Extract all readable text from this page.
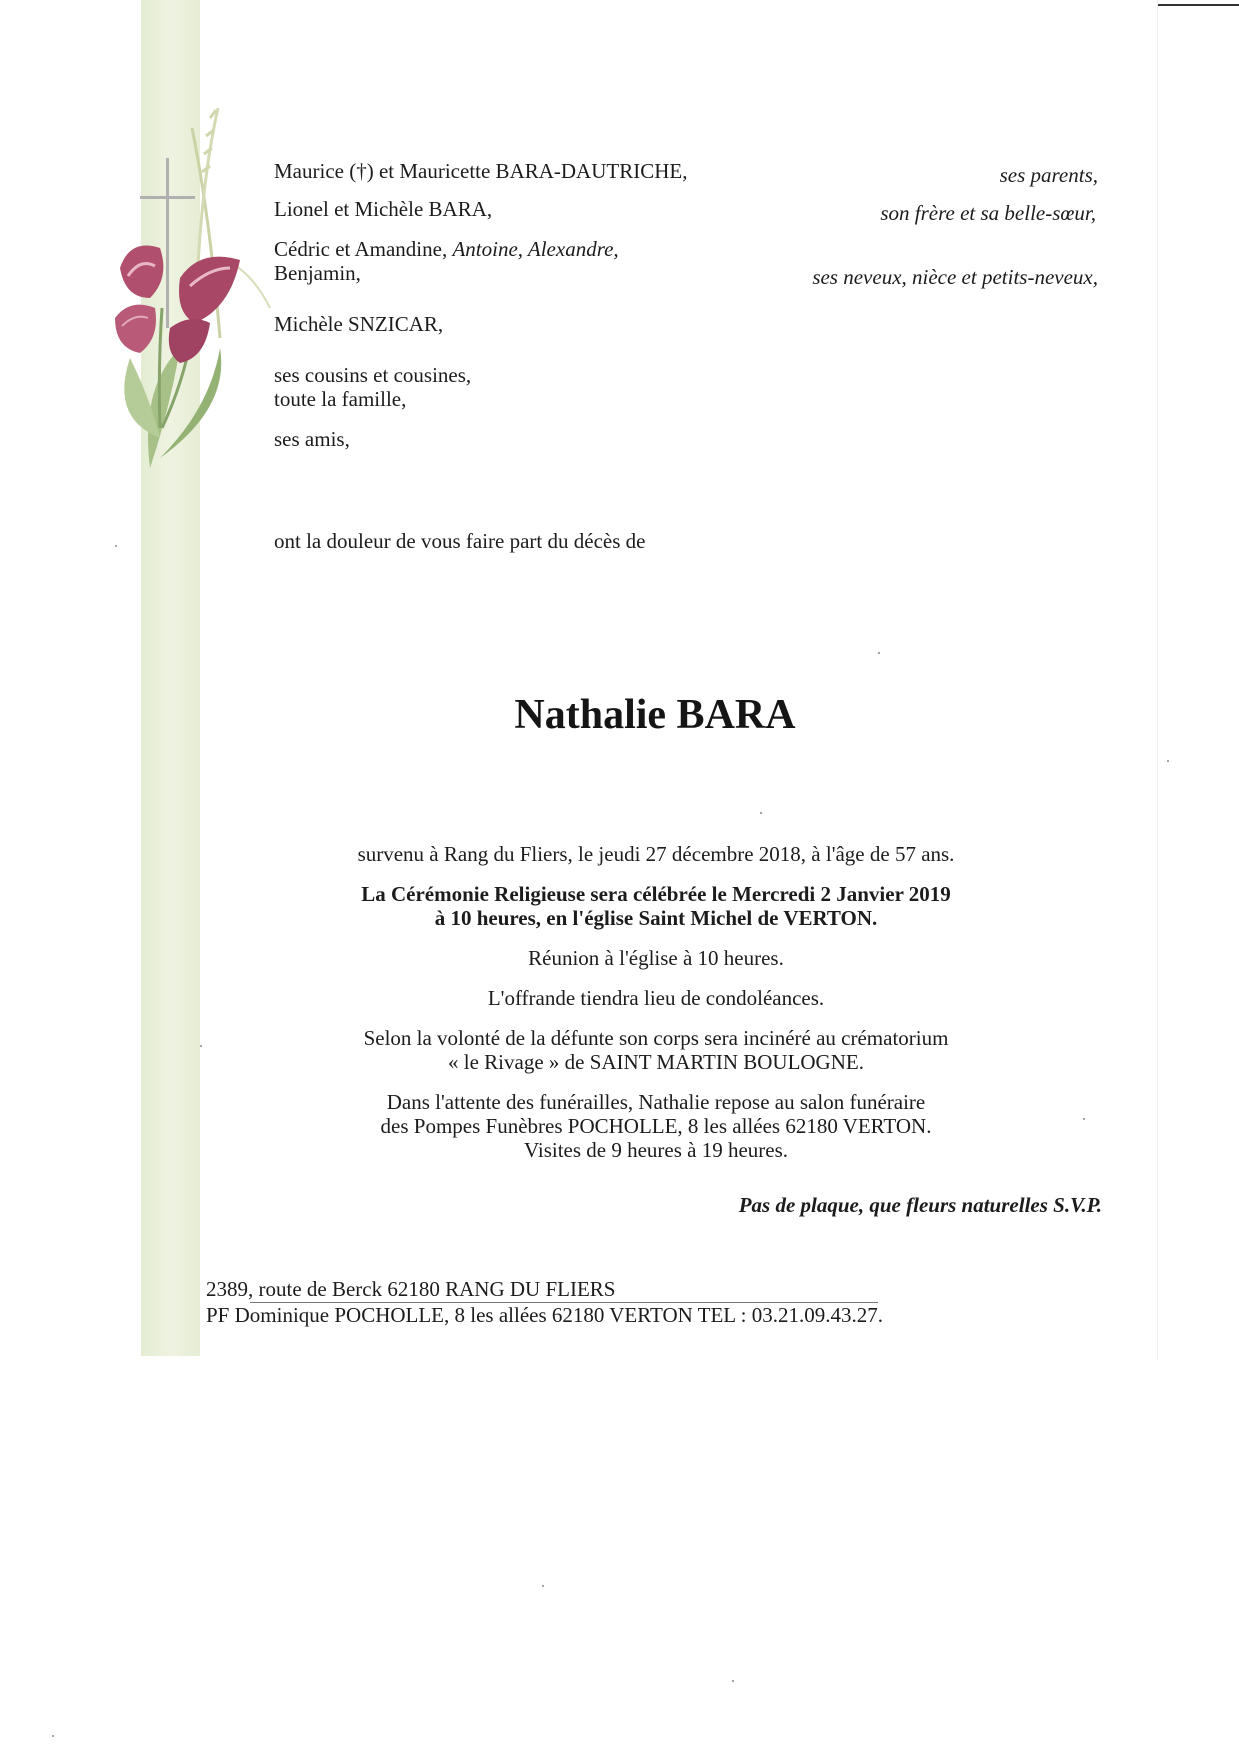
Maurice (†) et Mauricette BARA-DAUTRICHE,	ses parents,

Lionel et Michèle BARA,	son frère et sa belle-sœur,

Cédric et Amandine, Antoine, Alexandre,

Benjamin,	ses neveux, nièce et petits-neveux,

Michèle SNZICAR,

ses cousins et cousines,

toute la famille,

ses amis,

ont la douleur de vous faire part du décès de

Nathalie BARA
survenu à Rang du Fliers, le jeudi 27 décembre 2018, à l'âge de 57 ans.
La Cérémonie Religieuse sera célébrée le Mercredi 2 Janvier 2019
à 10 heures, en l'église Saint Michel de VERTON.
Réunion à l'église à 10 heures.
L'offrande tiendra lieu de condoléances.
Selon la volonté de la défunte son corps sera incinéré au crématorium
« le Rivage » de SAINT MARTIN BOULOGNE.
Dans l'attente des funérailles, Nathalie repose au salon funéraire
des Pompes Funèbres POCHOLLE, 8 les allées 62180 VERTON.
Visites de 9 heures à 19 heures.

Pas de plaque, que fleurs naturelles S.V.P.

2389, route de Berck 62180 RANG DU FLIERS

PF Dominique POCHOLLE, 8 les allées 62180 VERTON TEL : 03.21.09.43.27.
